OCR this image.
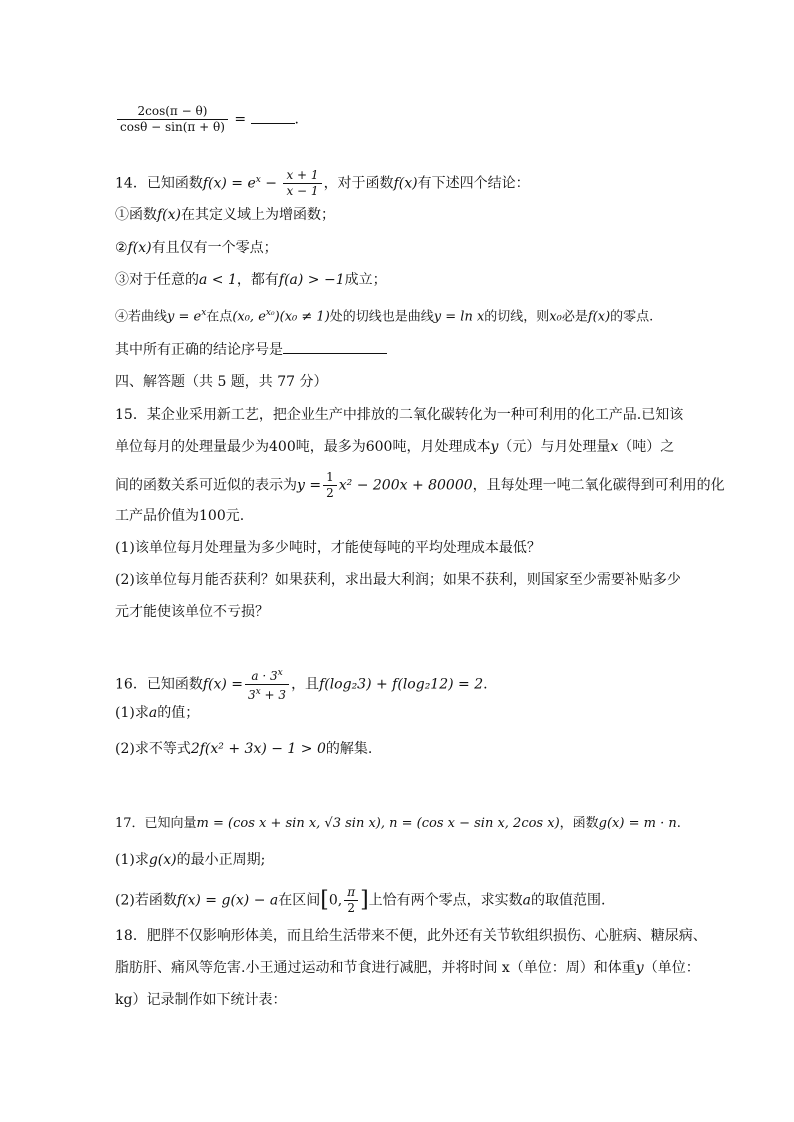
$\frac{2\cos(\pi - \theta)}{\cos\theta - \sin(\pi + \theta)}$ =	.
14．已知函数$f(x) = e^x - \frac{x + 1}{x - 1}$ ，对于函数f(x)有下述四个结论：
①函数f(x)在其定义域上为增函数；
②f(x)有且仅有一个零点；
③对于任意的a < 1，都有f(a) > −1成立；
④若曲线$y = e^x$在点(x₀, $e^{x_0})(x_0 \ne 1)$处的切线也是曲线y = ln x的切线，则x₀必是f(x)的零点.
其中所有正确的结论序号是
四、解答题（共 5 题，共 77 分）
15．某企业采用新工艺，把企业生产中排放的二氧化碳转化为一种可利用的化工产品.已知该
单位每月的处理量最少为400吨，最多为600吨，月处理成本y（元）与月处理量x（吨）之
间的函数关系可近似的表示为$y = \frac{1}{2} x^2 - 200x + 80000$，且每处理一吨二氧化碳得到可利用的化
工产品价值为100元.
(1)该单位每月处理量为多少吨时，才能使每吨的平均处理成本最低？
(2)该单位每月能否获利？如果获利，求出最大利润；如果不获利，则国家至少需要补贴多少
元才能使该单位不亏损？
16．已知函数$f(x) = \frac{a \cdot 3^x}{3^x + 3}$ ，且f(log₂3) + f(log₂12) = 2.
(1)求a的值；
(2)求不等式2f(x² + 3x) − 1 > 0的解集.
17．已知向量m = (cos x + sin x, √3 sin x), n = (cos x − sin x, 2cos x)，函数g(x) = m · n.
(1)求g(x)的最小正周期;
(2)若函数f(x) = g(x) − a在区间[0, $\frac{\pi}{2}$ ]上恰有两个零点，求实数a的取值范围.
18．肥胖不仅影响形体美，而且给生活带来不便，此外还有关节软组织损伤、心脏病、糖尿病、
脂肪肝、痛风等危害.小王通过运动和节食进行减肥，并将时间 x（单位：周）和体重y（单位：
kg）记录制作如下统计表：
